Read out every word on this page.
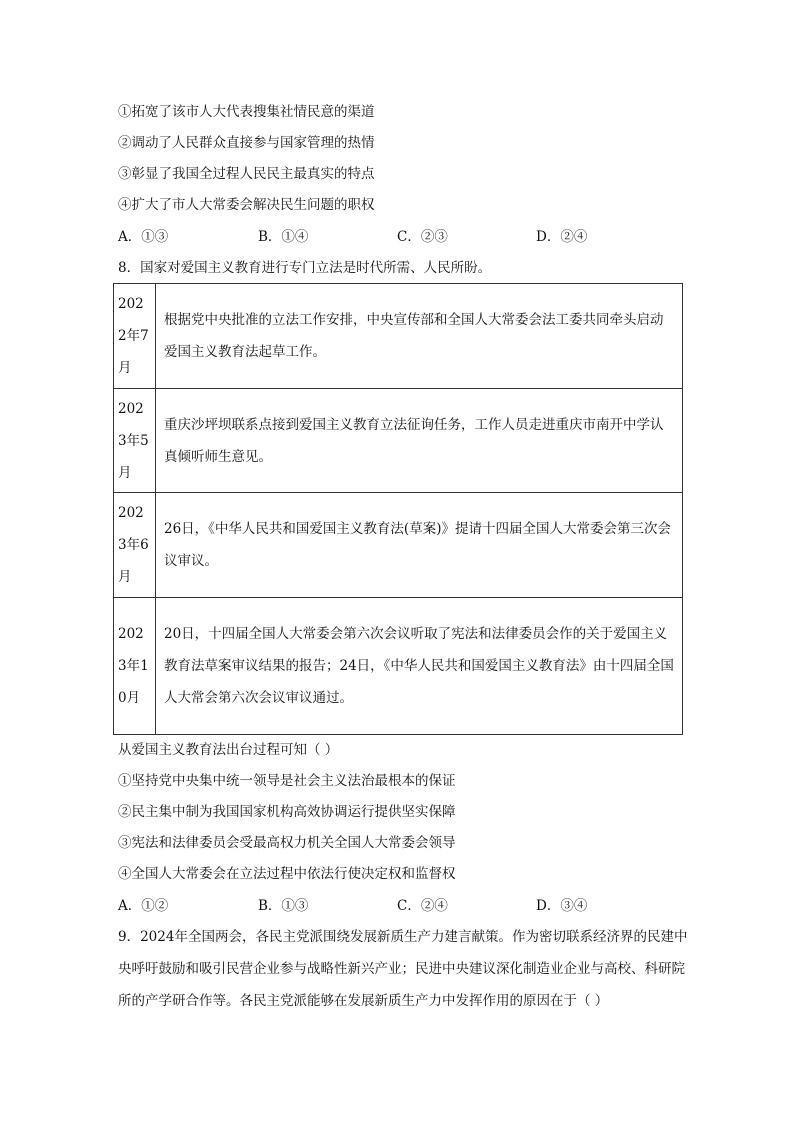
①拓宽了该市人大代表搜集社情民意的渠道
②调动了人民群众直接参与国家管理的热情
③彰显了我国全过程人民民主最真实的特点
④扩大了市人大常委会解决民生问题的职权
A．①③	B．①④	C．②③	D．②④
8．国家对爱国主义教育进行专门立法是时代所需、人民所盼。
2022年7月	根据党中央批准的立法工作安排，中央宣传部和全国人大常委会法工委共同牵头启动爱国主义教育法起草工作。
2023年5月	重庆沙坪坝联系点接到爱国主义教育立法征询任务，工作人员走进重庆市南开中学认真倾听师生意见。
2023年6月	26日，《中华人民共和国爱国主义教育法(草案)》提请十四届全国人大常委会第三次会议审议。
2023年10月	20日，十四届全国人大常委会第六次会议听取了宪法和法律委员会作的关于爱国主义教育法草案审议结果的报告；24日，《中华人民共和国爱国主义教育法》由十四届全国人大常会第六次会议审议通过。
从爱国主义教育法出台过程可知（ ）
①坚持党中央集中统一领导是社会主义法治最根本的保证
②民主集中制为我国国家机构高效协调运行提供坚实保障
③宪法和法律委员会受最高权力机关全国人大常委会领导
④全国人大常委会在立法过程中依法行使决定权和监督权
A．①②	B．①③	C．②④	D．③④
9．2024年全国两会，各民主党派围绕发展新质生产力建言献策。作为密切联系经济界的民建中央呼吁鼓励和吸引民营企业参与战略性新兴产业；民进中央建议深化制造业企业与高校、科研院所的产学研合作等。各民主党派能够在发展新质生产力中发挥作用的原因在于（ ）
